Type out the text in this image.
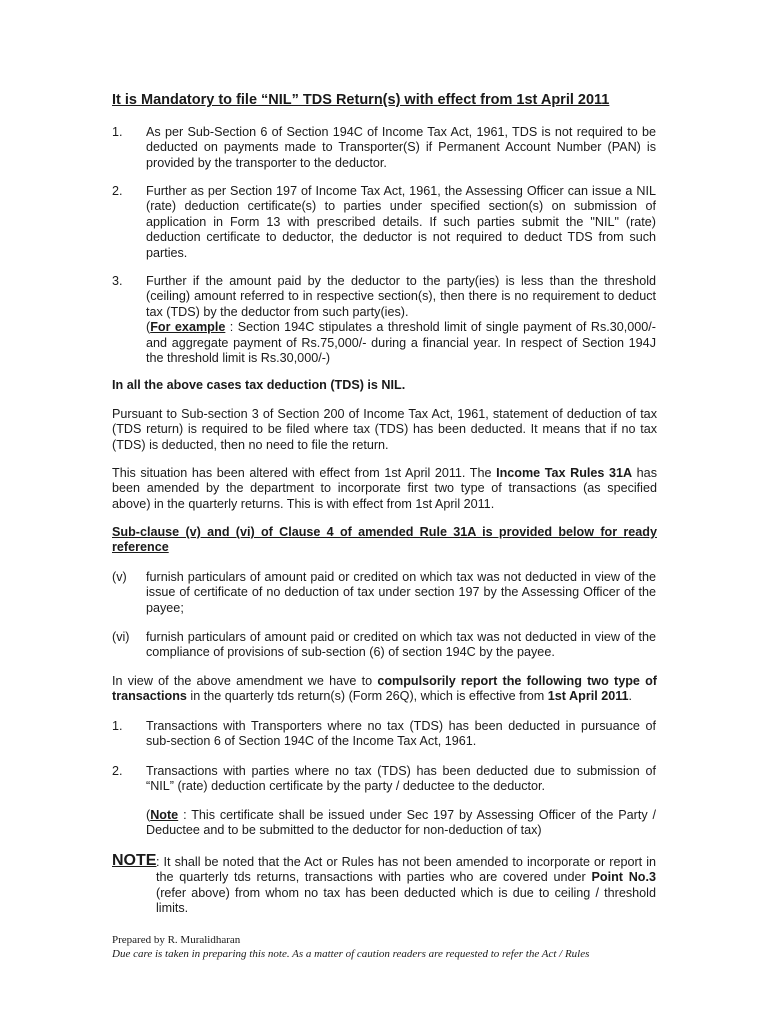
It is Mandatory to file “NIL” TDS Return(s) with effect from 1st April 2011
1. As per Sub-Section 6 of Section 194C of Income Tax Act, 1961, TDS is not required to be deducted on payments made to Transporter(S) if Permanent Account Number (PAN) is provided by the transporter to the deductor.
2. Further as per Section 197 of Income Tax Act, 1961, the Assessing Officer can issue a NIL (rate) deduction certificate(s) to parties under specified section(s) on submission of application in Form 13 with prescribed details. If such parties submit the "NIL" (rate) deduction certificate to deductor, the deductor is not required to deduct TDS from such parties.
3. Further if the amount paid by the deductor to the party(ies) is less than the threshold (ceiling) amount referred to in respective section(s), then there is no requirement to deduct tax (TDS) by the deductor from such party(ies).
(For example : Section 194C stipulates a threshold limit of single payment of Rs.30,000/- and aggregate payment of Rs.75,000/- during a financial year. In respect of Section 194J the threshold limit is Rs.30,000/-)
In all the above cases tax deduction (TDS) is NIL.
Pursuant to Sub-section 3 of Section 200 of Income Tax Act, 1961, statement of deduction of tax (TDS return) is required to be filed where tax (TDS) has been deducted. It means that if no tax (TDS) is deducted, then no need to file the return.
This situation has been altered with effect from 1st April 2011. The Income Tax Rules 31A has been amended by the department to incorporate first two type of transactions (as specified above) in the quarterly returns. This is with effect from 1st April 2011.
Sub-clause (v) and (vi) of Clause 4 of amended Rule 31A is provided below for ready reference
(v) furnish particulars of amount paid or credited on which tax was not deducted in view of the issue of certificate of no deduction of tax under section 197 by the Assessing Officer of the payee;
(vi) furnish particulars of amount paid or credited on which tax was not deducted in view of the compliance of provisions of sub-section (6) of section 194C by the payee.
In view of the above amendment we have to compulsorily report the following two type of transactions in the quarterly tds return(s) (Form 26Q), which is effective from 1st April 2011.
1. Transactions with Transporters where no tax (TDS) has been deducted in pursuance of sub-section 6 of Section 194C of the Income Tax Act, 1961.
2. Transactions with parties where no tax (TDS) has been deducted due to submission of “NIL” (rate) deduction certificate by the party / deductee to the deductor.
(Note : This certificate shall be issued under Sec 197 by Assessing Officer of the Party / Deductee and to be submitted to the deductor for non-deduction of tax)
NOTE : It shall be noted that the Act or Rules has not been amended to incorporate or report in the quarterly tds returns, transactions with parties who are covered under Point No.3 (refer above) from whom no tax has been deducted which is due to ceiling / threshold limits.
Prepared by R. Muralidharan
Due care is taken in preparing this note. As a matter of caution readers are requested to refer the Act / Rules
